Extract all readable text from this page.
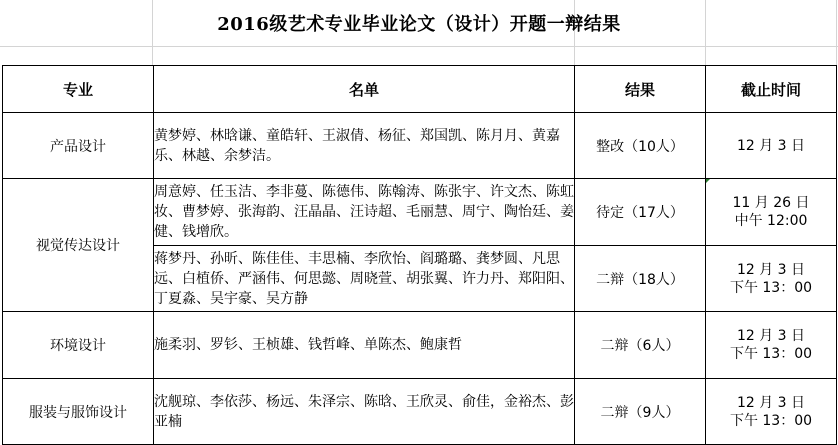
2016级艺术专业毕业论文（设计）开题一辩结果
专业	名单	结果	截止时间
产品设计	黄梦婷、林晗谦、童皓轩、王淑倩、杨征、郑国凯、陈月月、黄嘉乐、林越、余梦洁。	整改（10人）	12 月 3 日

视觉传达设计	周意婷、任玉洁、李非蔓、陈德伟、陈翰涛、陈张宇、许文杰、陈虹妆、曹梦婷、张海韵、汪晶晶、汪诗超、毛丽慧、周宁、陶怡廷、姜健、钱增欣。	待定（17人）	11 月 26 日
中午 12:00

	蒋梦丹、孙昕、陈佳佳、丰思楠、李欣怡、阎璐璐、龚梦圆、凡思远、白植侨、严涵伟、何思懿、周晓萱、胡张翼、许力丹、郑阳阳、丁夏淼、吴宇豪、吴方静	二辩（18人）	12 月 3 日
下午 13：00

环境设计	施柔羽、罗钐、王桢雄、钱哲峰、单陈杰、鲍康哲	二辩（6人）	12 月 3 日
下午 13：00

服装与服饰设计	沈舰琼、李依莎、杨远、朱泽宗、陈晗、王欣灵、俞佳，金裕杰、彭亚楠	二辩（9人）	12 月 3 日
下午 13：00
